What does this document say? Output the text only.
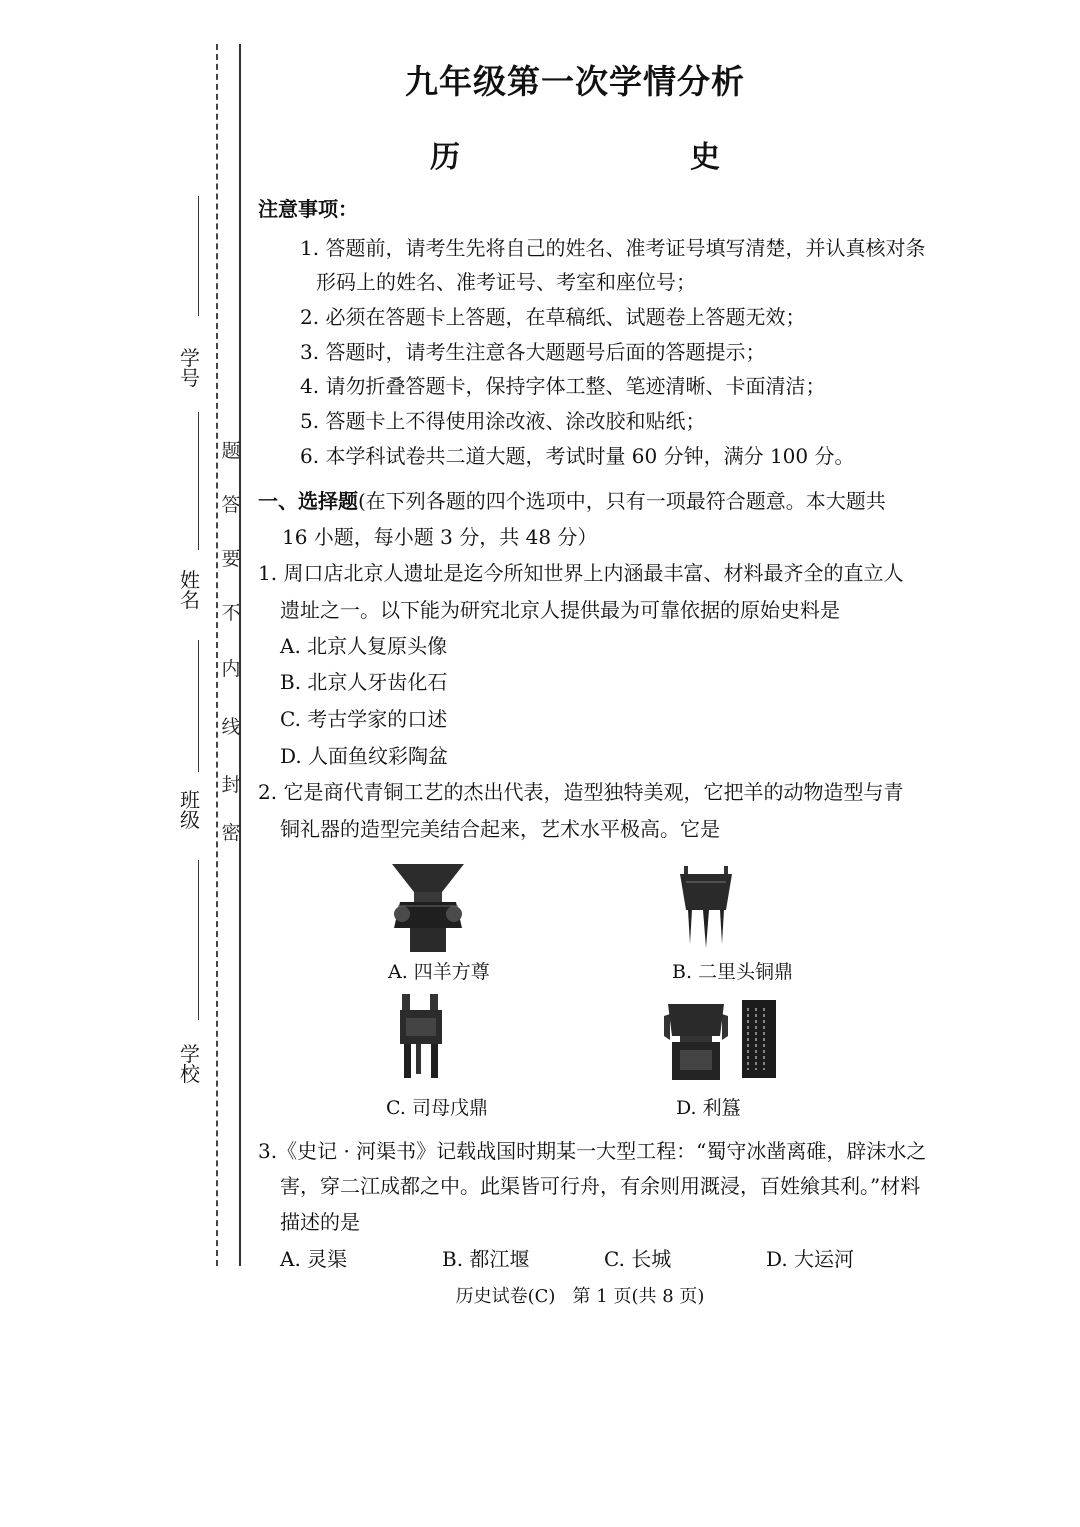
学号
姓名
班级
学校
密
封
线
内
不
要
答
题
九年级第一次学情分析
历	史
注意事项：
1. 答题前，请考生先将自己的姓名、准考证号填写清楚，并认真核对条
形码上的姓名、准考证号、考室和座位号；
2. 必须在答题卡上答题，在草稿纸、试题卷上答题无效；
3. 答题时，请考生注意各大题题号后面的答题提示；
4. 请勿折叠答题卡，保持字体工整、笔迹清晰、卡面清洁；
5. 答题卡上不得使用涂改液、涂改胶和贴纸；
6. 本学科试卷共二道大题，考试时量 60 分钟，满分 100 分。
一、选择题(在下列各题的四个选项中，只有一项最符合题意。本大题共
16 小题，每小题 3 分，共 48 分）
1. 周口店北京人遗址是迄今所知世界上内涵最丰富、材料最齐全的直立人
遗址之一。以下能为研究北京人提供最为可靠依据的原始史料是
A. 北京人复原头像
B. 北京人牙齿化石
C. 考古学家的口述
D. 人面鱼纹彩陶盆
2. 它是商代青铜工艺的杰出代表，造型独特美观，它把羊的动物造型与青
铜礼器的造型完美结合起来，艺术水平极高。它是
A. 四羊方尊	B. 二里头铜鼎
C. 司母戊鼎	D. 利簋
3.《史记 · 河渠书》记载战国时期某一大型工程：“蜀守冰凿离碓，辟沫水之
害，穿二江成都之中。此渠皆可行舟，有余则用溉浸，百姓飨其利。”材料
描述的是
A. 灵渠	B. 都江堰	C. 长城	D. 大运河
历史试卷(C)   第 1 页(共 8 页)
